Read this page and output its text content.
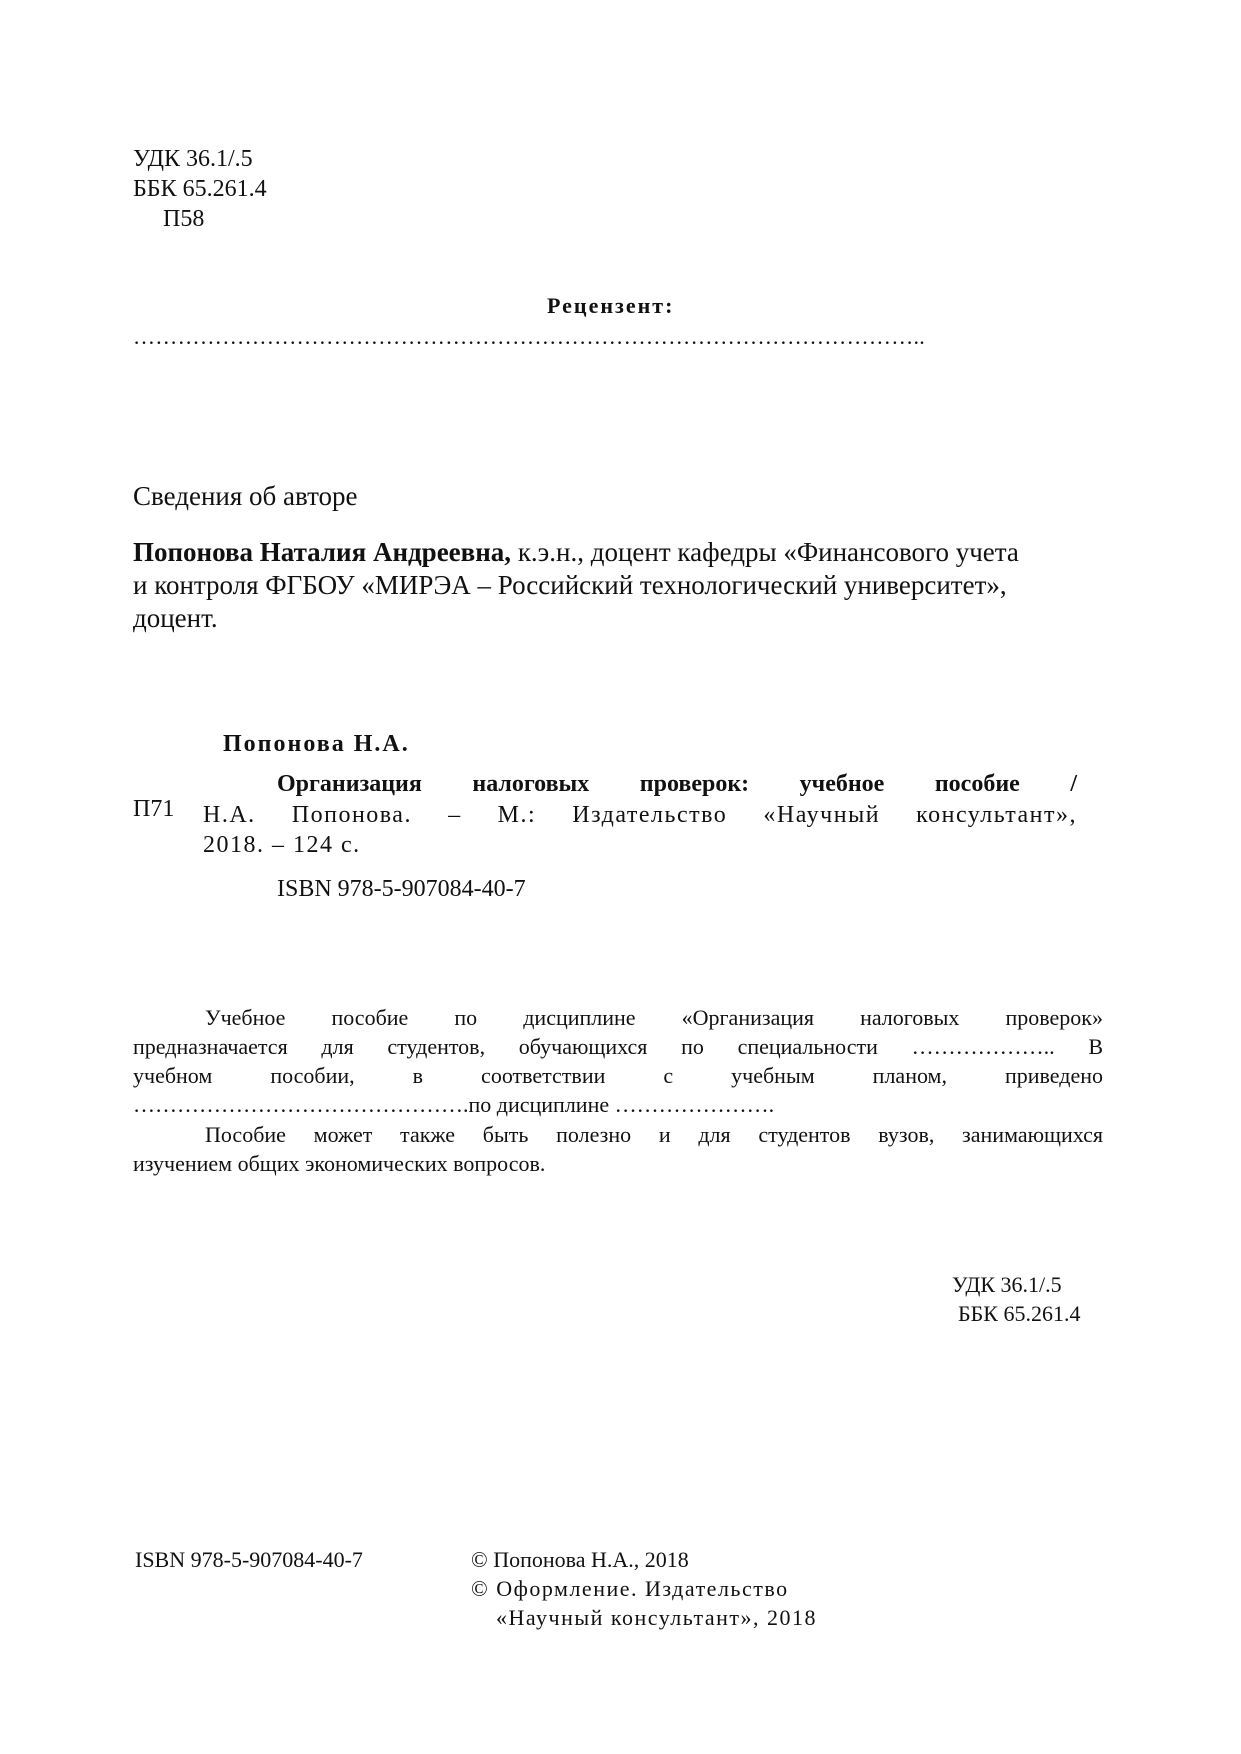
УДК 36.1/.5
ББК 65.261.4
П58
Рецензент:
……………………………………………………………………………………………..
Сведения об авторе
Попонова Наталия Андреевна, к.э.н., доцент кафедры «Финансового учета
и контроля ФГБОУ «МИРЭА – Российский технологический университет»,
доцент.
Попонова Н.А.
П71
Организация налоговых проверок: учебное пособие /
Н.А. Попонова. – М.: Издательство «Научный консультант»,
2018. – 124 с.
ISBN 978-5-907084-40-7
Учебное пособие по дисциплине «Организация налоговых проверок»
предназначается для студентов, обучающихся по специальности ……………….. В
учебном пособии, в соответствии с учебным планом, приведено
……………………………………….по дисциплине ………………….
Пособие может также быть полезно и для студентов вузов, занимающихся
изучением общих экономических вопросов.
УДК 36.1/.5
ББК 65.261.4
ISBN 978-5-907084-40-7	© Попонова Н.А., 2018
© Оформление. Издательство
«Научный консультант», 2018
